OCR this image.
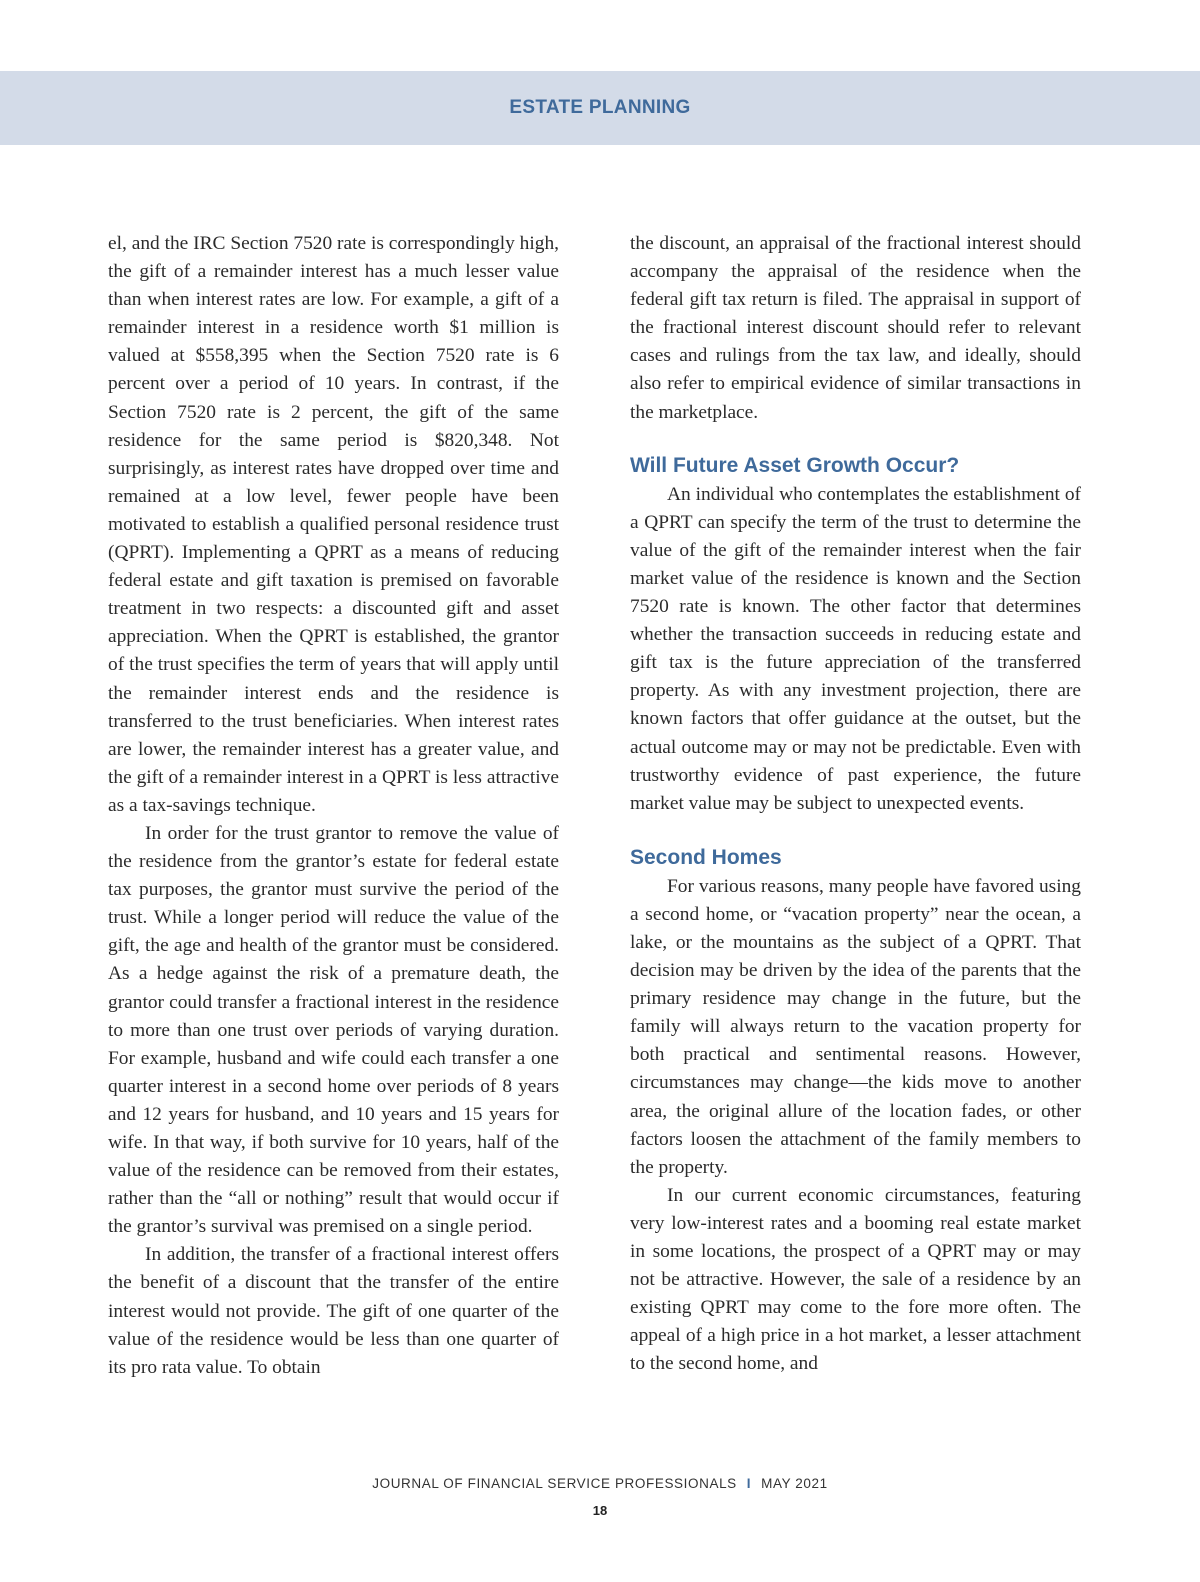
ESTATE PLANNING

el, and the IRC Section 7520 rate is correspondingly high, the gift of a remainder interest has a much lesser value than when interest rates are low. For example, a gift of a remainder interest in a residence worth $1 million is valued at $558,395 when the Section 7520 rate is 6 percent over a period of 10 years. In contrast, if the Section 7520 rate is 2 percent, the gift of the same residence for the same period is $820,348. Not surprisingly, as interest rates have dropped over time and remained at a low level, fewer people have been motivated to establish a qualified personal residence trust (QPRT). Implementing a QPRT as a means of reducing federal estate and gift taxation is premised on favorable treatment in two respects: a discounted gift and asset appreciation. When the QPRT is established, the grantor of the trust specifies the term of years that will apply until the remainder interest ends and the residence is transferred to the trust beneficiaries. When interest rates are lower, the remainder interest has a greater value, and the gift of a remainder interest in a QPRT is less attractive as a tax-savings technique.

In order for the trust grantor to remove the value of the residence from the grantor’s estate for federal estate tax purposes, the grantor must survive the period of the trust. While a longer period will reduce the value of the gift, the age and health of the grantor must be considered. As a hedge against the risk of a premature death, the grantor could transfer a fractional interest in the residence to more than one trust over periods of varying duration. For example, husband and wife could each transfer a one quarter interest in a second home over periods of 8 years and 12 years for husband, and 10 years and 15 years for wife. In that way, if both survive for 10 years, half of the value of the residence can be removed from their estates, rather than the “all or nothing” result that would occur if the grantor’s survival was premised on a single period.

In addition, the transfer of a fractional interest offers the benefit of a discount that the transfer of the entire interest would not provide. The gift of one quarter of the value of the residence would be less than one quarter of its pro rata value. To obtain

the discount, an appraisal of the fractional interest should accompany the appraisal of the residence when the federal gift tax return is filed. The appraisal in support of the fractional interest discount should refer to relevant cases and rulings from the tax law, and ideally, should also refer to empirical evidence of similar transactions in the marketplace.

Will Future Asset Growth Occur?

An individual who contemplates the establishment of a QPRT can specify the term of the trust to determine the value of the gift of the remainder interest when the fair market value of the residence is known and the Section 7520 rate is known. The other factor that determines whether the transaction succeeds in reducing estate and gift tax is the future appreciation of the transferred property. As with any investment projection, there are known factors that offer guidance at the outset, but the actual outcome may or may not be predictable. Even with trustworthy evidence of past experience, the future market value may be subject to unexpected events.

Second Homes

For various reasons, many people have favored using a second home, or “vacation property” near the ocean, a lake, or the mountains as the subject of a QPRT. That decision may be driven by the idea of the parents that the primary residence may change in the future, but the family will always return to the vacation property for both practical and sentimental reasons. However, circumstances may change—the kids move to another area, the original allure of the location fades, or other factors loosen the attachment of the family members to the property.

In our current economic circumstances, featuring very low-interest rates and a booming real estate market in some locations, the prospect of a QPRT may or may not be attractive. However, the sale of a residence by an existing QPRT may come to the fore more often. The appeal of a high price in a hot market, a lesser attachment to the second home, and

JOURNAL OF FINANCIAL SERVICE PROFESSIONALS I MAY 2021
18
